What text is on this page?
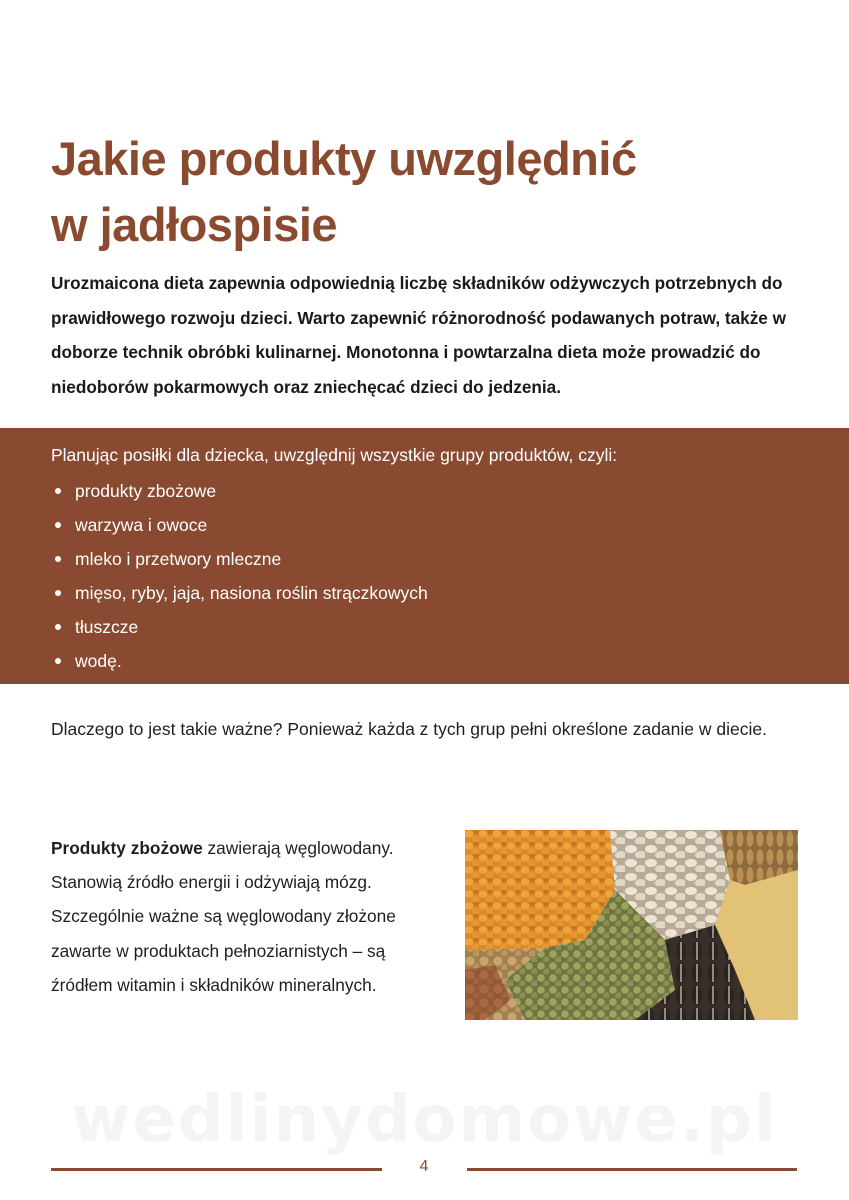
Jakie produkty uwzględnić
w jadłospisie

Urozmaicona dieta zapewnia odpowiednią liczbę składników odżywczych potrzebnych do prawidłowego rozwoju dzieci. Warto zapewnić różnorodność podawanych potraw, także w doborze technik obróbki kulinarnej. Monotonna i powtarzalna dieta może prowadzić do niedoborów pokarmowych oraz zniechęcać dzieci do jedzenia.

Planując posiłki dla dziecka, uwzględnij wszystkie grupy produktów, czyli:

produkty zbożowe
warzywa i owoce
mleko i przetwory mleczne
mięso, ryby, jaja, nasiona roślin strączkowych
tłuszcze
wodę.

Dlaczego to jest takie ważne? Ponieważ każda z tych grup pełni określone zadanie w diecie.

Produkty zbożowe zawierają węglowodany. Stanowią źródło energii i odżywiają mózg. Szczególnie ważne są węglowodany złożone zawarte w produktach pełnoziarnistych – są źródłem witamin i składników mineralnych.

4
